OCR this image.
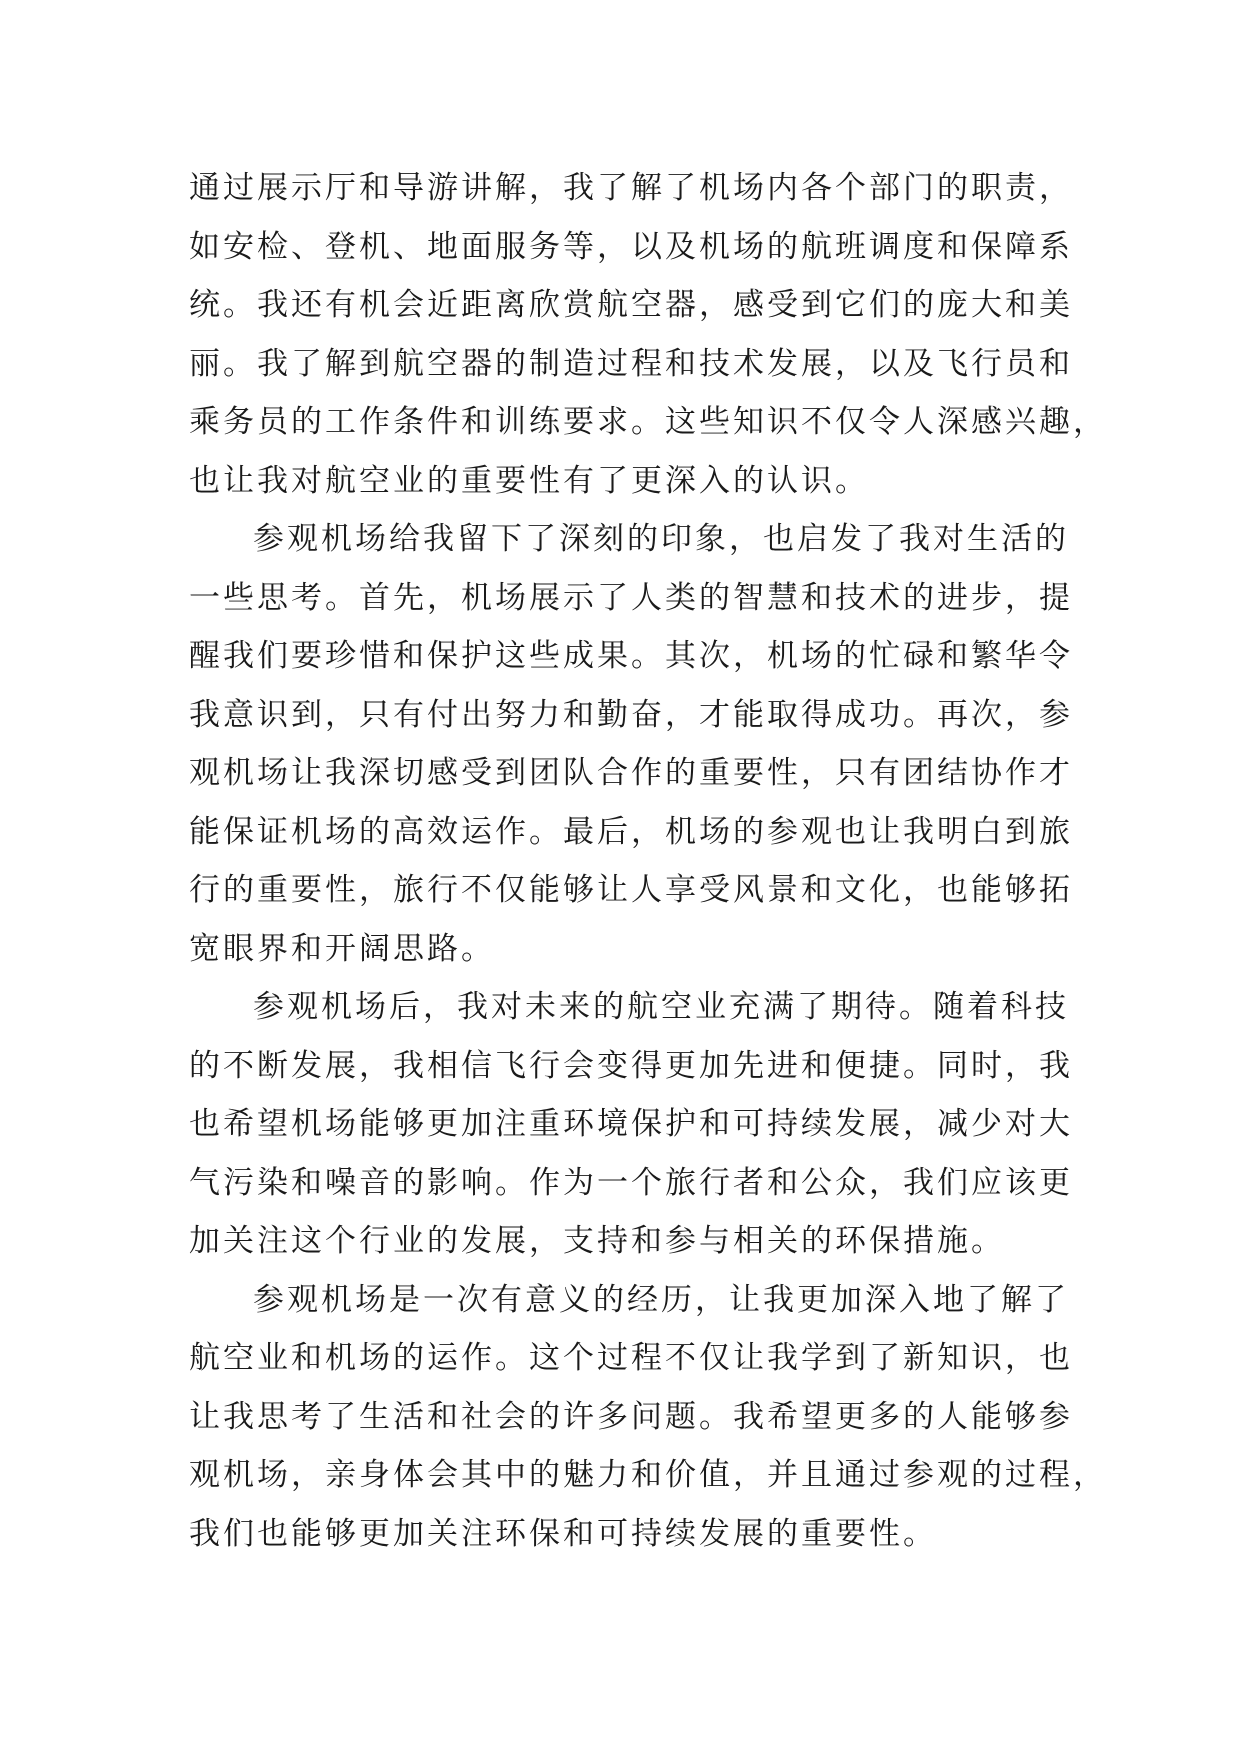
通过展示厅和导游讲解，我了解了机场内各个部门的职责，
如安检、登机、地面服务等，以及机场的航班调度和保障系
统。我还有机会近距离欣赏航空器，感受到它们的庞大和美
丽。我了解到航空器的制造过程和技术发展，以及飞行员和
乘务员的工作条件和训练要求。这些知识不仅令人深感兴趣，
也让我对航空业的重要性有了更深入的认识。
参观机场给我留下了深刻的印象，也启发了我对生活的
一些思考。首先，机场展示了人类的智慧和技术的进步，提
醒我们要珍惜和保护这些成果。其次，机场的忙碌和繁华令
我意识到，只有付出努力和勤奋，才能取得成功。再次，参
观机场让我深切感受到团队合作的重要性，只有团结协作才
能保证机场的高效运作。最后，机场的参观也让我明白到旅
行的重要性，旅行不仅能够让人享受风景和文化，也能够拓
宽眼界和开阔思路。
参观机场后，我对未来的航空业充满了期待。随着科技
的不断发展，我相信飞行会变得更加先进和便捷。同时，我
也希望机场能够更加注重环境保护和可持续发展，减少对大
气污染和噪音的影响。作为一个旅行者和公众，我们应该更
加关注这个行业的发展，支持和参与相关的环保措施。
参观机场是一次有意义的经历，让我更加深入地了解了
航空业和机场的运作。这个过程不仅让我学到了新知识，也
让我思考了生活和社会的许多问题。我希望更多的人能够参
观机场，亲身体会其中的魅力和价值，并且通过参观的过程，
我们也能够更加关注环保和可持续发展的重要性。
